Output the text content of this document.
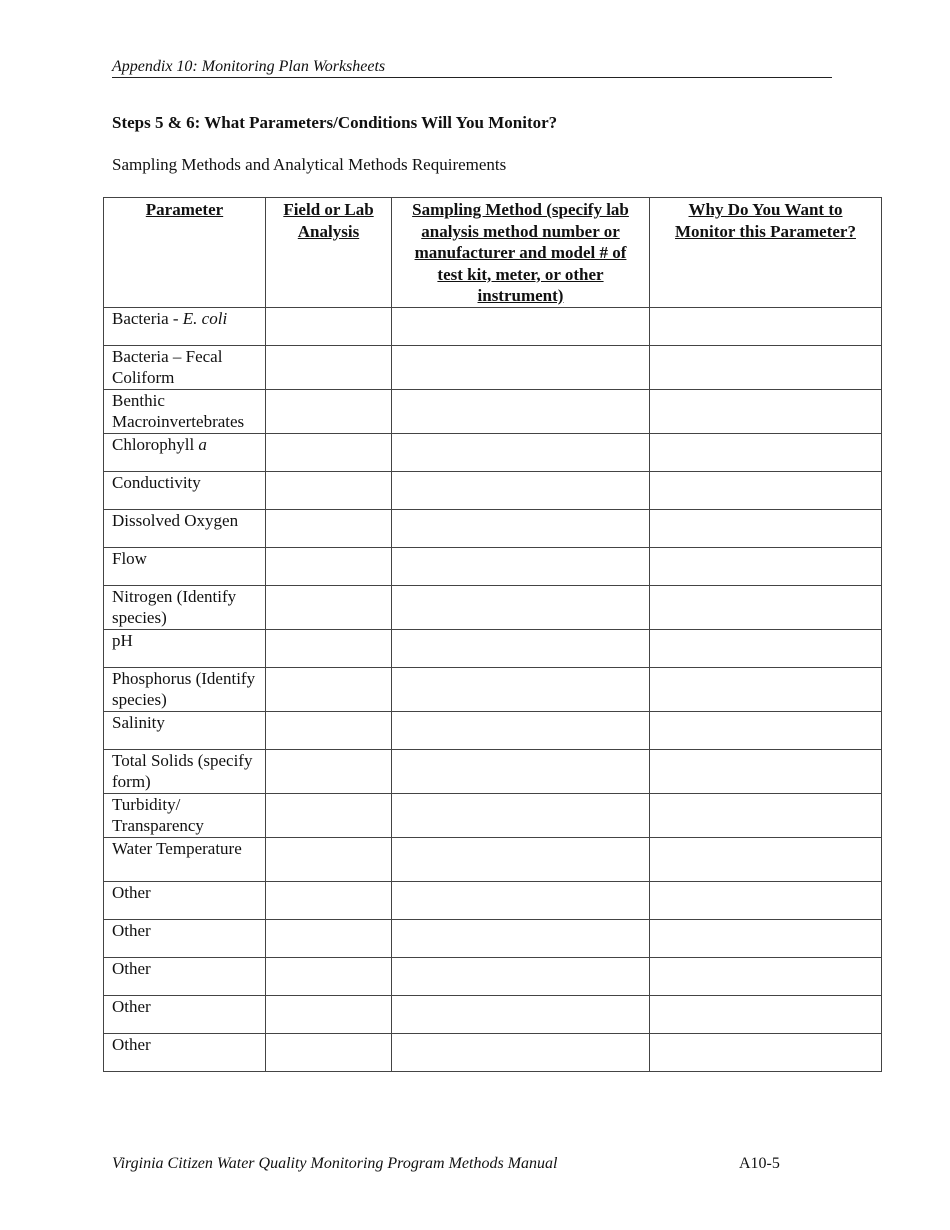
Appendix 10: Monitoring Plan Worksheets
Steps 5 & 6: What Parameters/Conditions Will You Monitor?
Sampling Methods and Analytical Methods Requirements
Parameter	Field or Lab Analysis	Sampling Method (specify lab analysis method number or manufacturer and model # of test kit, meter, or other instrument)	Why Do You Want to Monitor this Parameter?
Bacteria - E. coli			
Bacteria – Fecal Coliform			
Benthic Macroinvertebrates			
Chlorophyll a			
Conductivity			
Dissolved Oxygen			
Flow			
Nitrogen (Identify species)			
pH			
Phosphorus (Identify species)			
Salinity			
Total Solids (specify form)			
Turbidity/ Transparency			
Water Temperature			
Other			
Other			
Other			
Other			
Other			
Virginia Citizen Water Quality Monitoring Program Methods Manual	A10-5
